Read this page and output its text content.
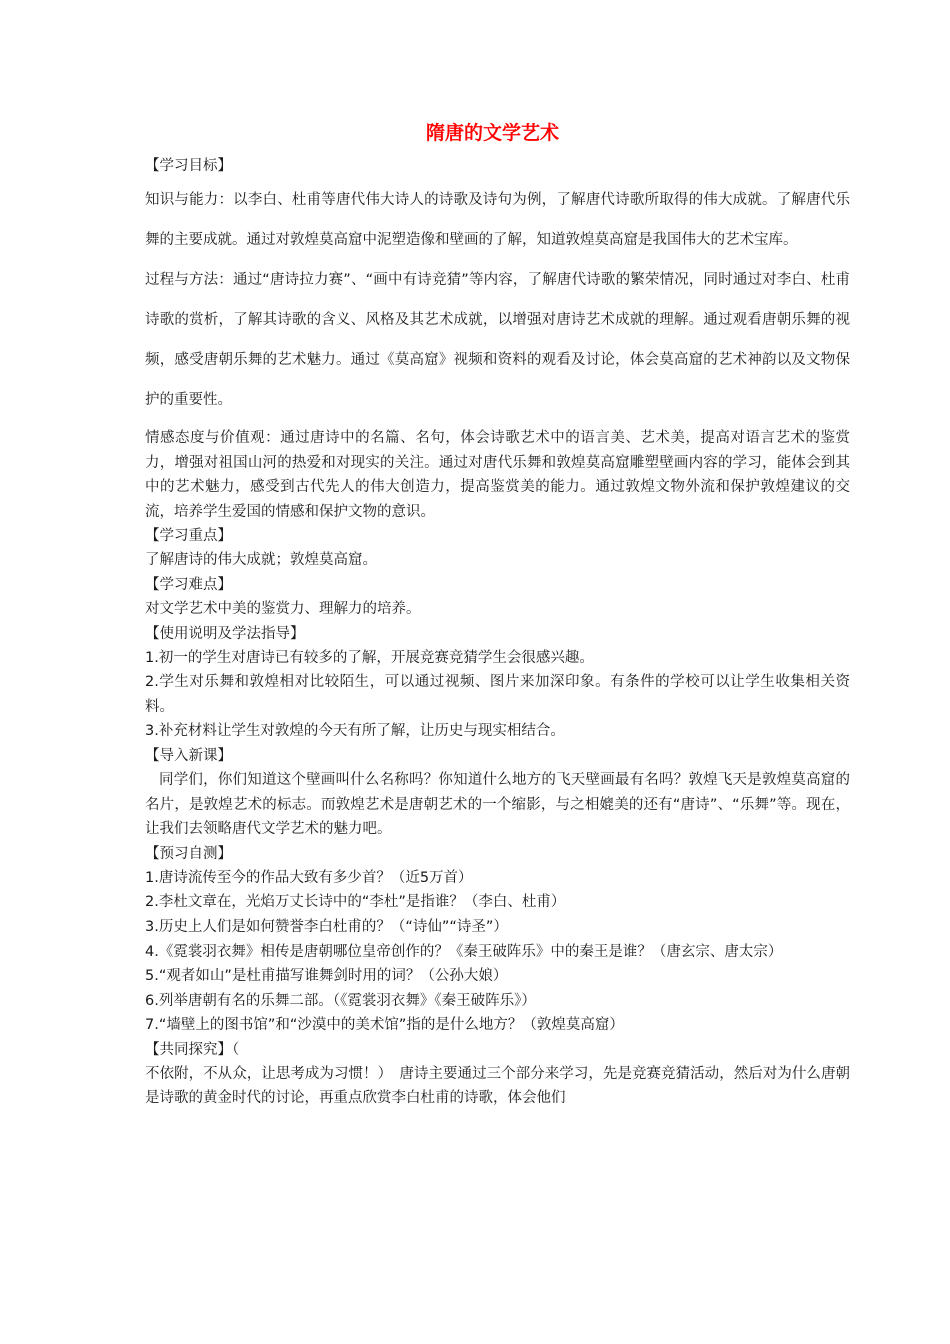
隋唐的文学艺术
【学习目标】

知识与能力：以李白、杜甫等唐代伟大诗人的诗歌及诗句为例，了解唐代诗歌所取得的伟大成就。了解唐代乐舞的主要成就。通过对敦煌莫高窟中泥塑造像和壁画的了解，知道敦煌莫高窟是我国伟大的艺术宝库。

过程与方法：通过“唐诗拉力赛”、“画中有诗竞猜”等内容，了解唐代诗歌的繁荣情况，同时通过对李白、杜甫诗歌的赏析，了解其诗歌的含义、风格及其艺术成就，以增强对唐诗艺术成就的理解。通过观看唐朝乐舞的视频，感受唐朝乐舞的艺术魅力。通过《莫高窟》视频和资料的观看及讨论，体会莫高窟的艺术神韵以及文物保护的重要性。

情感态度与价值观：通过唐诗中的名篇、名句，体会诗歌艺术中的语言美、艺术美，提高对语言艺术的鉴赏力，增强对祖国山河的热爱和对现实的关注。通过对唐代乐舞和敦煌莫高窟雕塑壁画内容的学习，能体会到其中的艺术魅力，感受到古代先人的伟大创造力，提高鉴赏美的能力。通过敦煌文物外流和保护敦煌建议的交流，培养学生爱国的情感和保护文物的意识。

【学习重点】

了解唐诗的伟大成就；敦煌莫高窟。

【学习难点】

对文学艺术中美的鉴赏力、理解力的培养。

【使用说明及学法指导】

1.初一的学生对唐诗已有较多的了解，开展竞赛竞猜学生会很感兴趣。

2.学生对乐舞和敦煌相对比较陌生，可以通过视频、图片来加深印象。有条件的学校可以让学生收集相关资料。

3.补充材料让学生对敦煌的今天有所了解，让历史与现实相结合。

【导入新课】

同学们，你们知道这个壁画叫什么名称吗？你知道什么地方的飞天壁画最有名吗？敦煌飞天是敦煌莫高窟的名片，是敦煌艺术的标志。而敦煌艺术是唐朝艺术的一个缩影，与之相媲美的还有“唐诗”、“乐舞”等。现在，让我们去领略唐代文学艺术的魅力吧。

【预习自测】

1.唐诗流传至今的作品大致有多少首？（近5万首）

2.李杜文章在，光焰万丈长诗中的“李杜”是指谁？（李白、杜甫）

3.历史上人们是如何赞誉李白杜甫的？（“诗仙”“诗圣”）

4.《霓裳羽衣舞》相传是唐朝哪位皇帝创作的？《秦王破阵乐》中的秦王是谁？（唐玄宗、唐太宗）

5.“观者如山”是杜甫描写谁舞剑时用的词？（公孙大娘）

6.列举唐朝有名的乐舞二部。（《霓裳羽衣舞》《秦王破阵乐》）

7.“墙壁上的图书馆”和“沙漠中的美术馆”指的是什么地方？（敦煌莫高窟）

【共同探究】（

不依附，不从众，让思考成为习惯！）　唐诗主要通过三个部分来学习，先是竞赛竞猜活动，然后对为什么唐朝是诗歌的黄金时代的讨论，再重点欣赏李白杜甫的诗歌，体会他们
